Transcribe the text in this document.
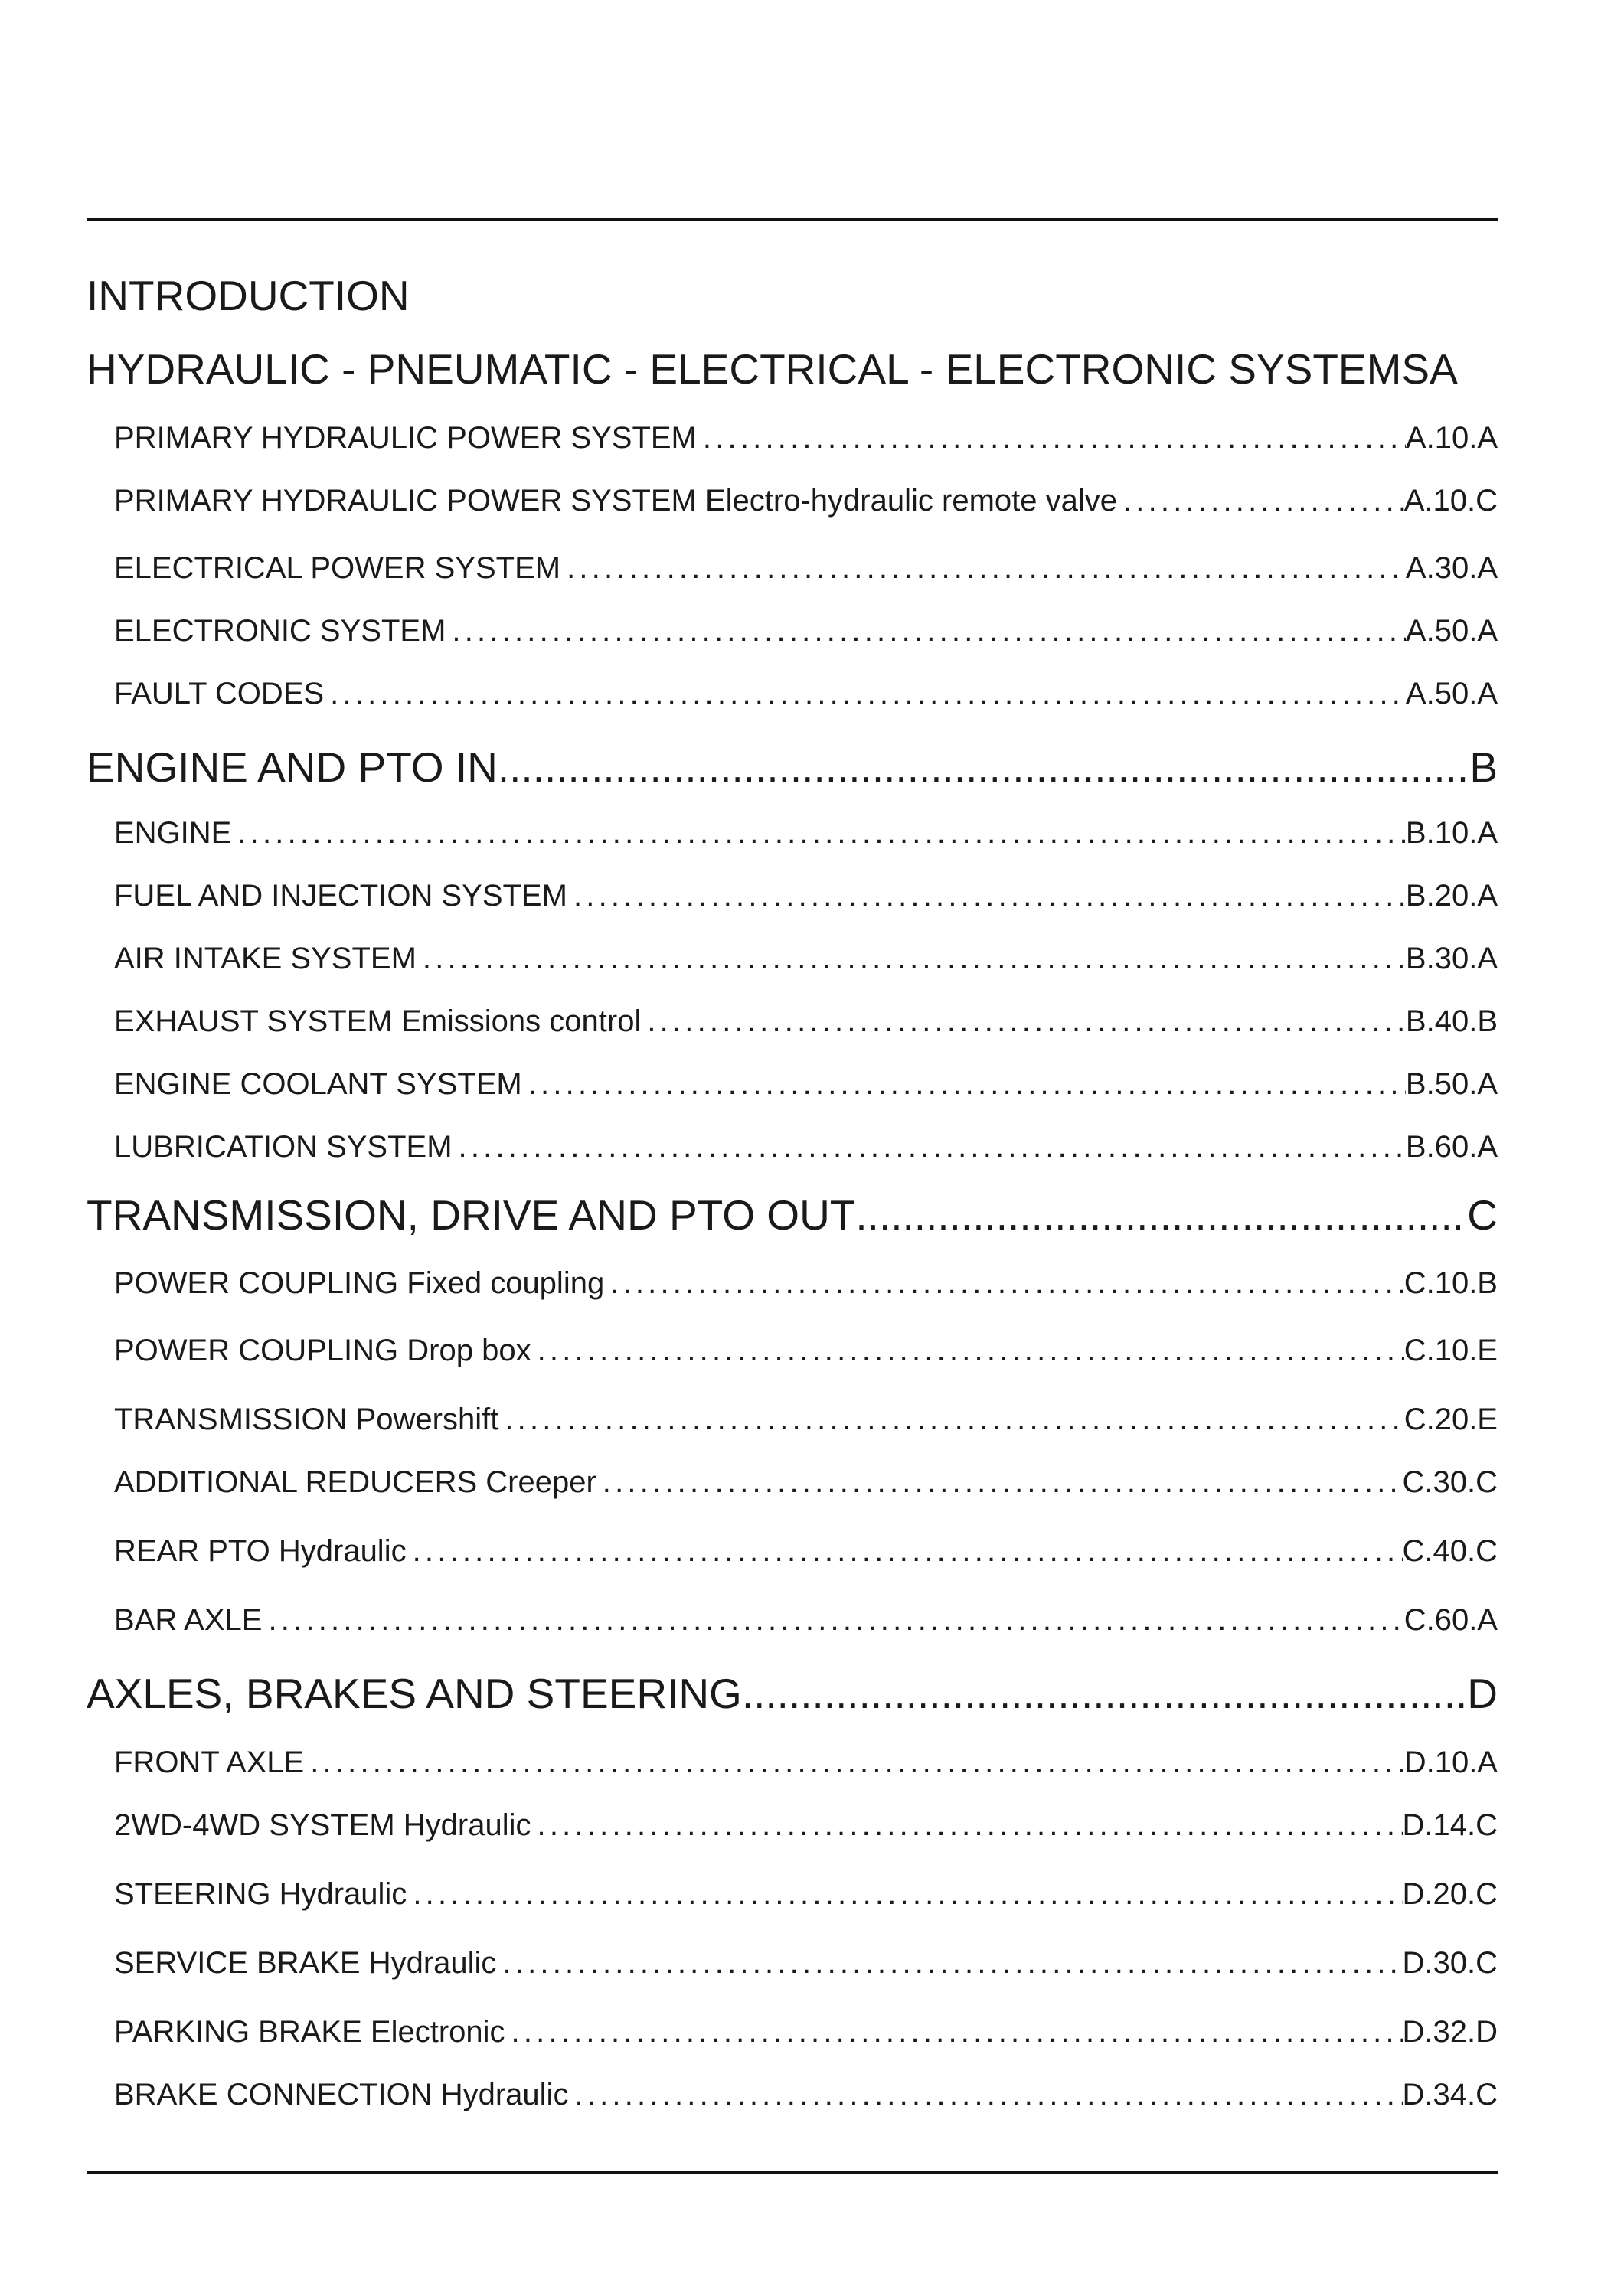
INTRODUCTION
HYDRAULIC - PNEUMATIC - ELECTRICAL - ELECTRONIC SYSTEMSA
PRIMARY HYDRAULIC POWER SYSTEM .....	A.10.A
PRIMARY HYDRAULIC POWER SYSTEM Electro-hydraulic remote valve .....	A.10.C
ELECTRICAL POWER SYSTEM .....	A.30.A
ELECTRONIC SYSTEM .....	A.50.A
FAULT CODES .....	A.50.A
ENGINE AND PTO IN .....	B
ENGINE .....	B.10.A
FUEL AND INJECTION SYSTEM .....	B.20.A
AIR INTAKE SYSTEM .....	B.30.A
EXHAUST SYSTEM Emissions control .....	B.40.B
ENGINE COOLANT SYSTEM .....	B.50.A
LUBRICATION SYSTEM .....	B.60.A
TRANSMISSION, DRIVE AND PTO OUT .....	C
POWER COUPLING Fixed coupling .....	C.10.B
POWER COUPLING Drop box .....	C.10.E
TRANSMISSION Powershift .....	C.20.E
ADDITIONAL REDUCERS Creeper .....	C.30.C
REAR PTO Hydraulic .....	C.40.C
BAR AXLE .....	C.60.A
AXLES, BRAKES AND STEERING .....	D
FRONT AXLE .....	D.10.A
2WD-4WD SYSTEM Hydraulic .....	D.14.C
STEERING Hydraulic .....	D.20.C
SERVICE BRAKE Hydraulic .....	D.30.C
PARKING BRAKE Electronic .....	D.32.D
BRAKE CONNECTION Hydraulic .....	D.34.C
